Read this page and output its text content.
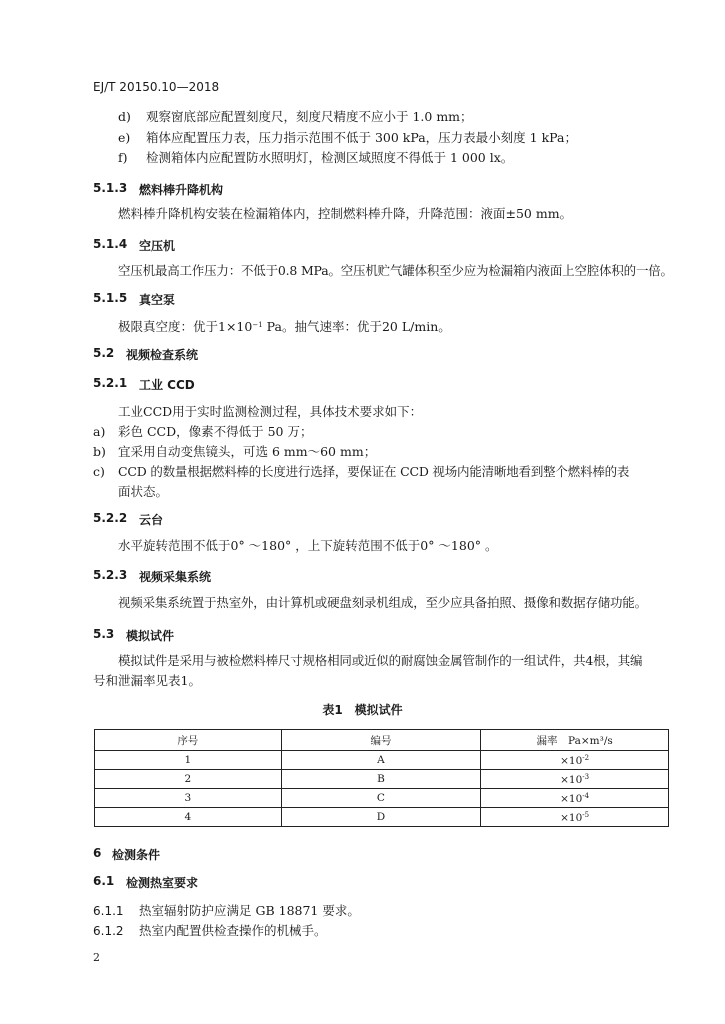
EJ/T 20150.10—2018
d) 观察窗底部应配置刻度尺，刻度尺精度不应小于 1.0 mm；
e) 箱体应配置压力表，压力指示范围不低于 300 kPa，压力表最小刻度 1 kPa；
f) 检测箱体内应配置防水照明灯，检测区域照度不得低于 1 000 lx。
5.1.3 燃料棒升降机构
燃料棒升降机构安装在检漏箱体内，控制燃料棒升降，升降范围：液面±50 mm。
5.1.4 空压机
空压机最高工作压力：不低于0.8 MPa。空压机贮气罐体积至少应为检漏箱内液面上空腔体积的一倍。
5.1.5 真空泵
极限真空度：优于$1\times 10^{-1}$ Pa。抽气速率：优于20 L/min。
5.2 视频检查系统
5.2.1 工业 CCD
工业CCD用于实时监测检测过程，具体技术要求如下：
a) 彩色 CCD，像素不得低于 50 万；
b) 宜采用自动变焦镜头，可选 6 mm～60 mm；
c) CCD 的数量根据燃料棒的长度进行选择，要保证在 CCD 视场内能清晰地看到整个燃料棒的表
面状态。
5.2.2 云台
水平旋转范围不低于0° ～180° ，上下旋转范围不低于0° ～180° 。
5.2.3 视频采集系统
视频采集系统置于热室外，由计算机或硬盘刻录机组成，至少应具备拍照、摄像和数据存储功能。
5.3 模拟试件
模拟试件是采用与被检燃料棒尺寸规格相同或近似的耐腐蚀金属管制作的一组试件，共4根，其编
号和泄漏率见表1。
表1　模拟试件
序号	编号	漏率　Pa×m³/s
1	A	$\times 10^{-2}$
2	B	$\times 10^{-3}$
3	C	$\times 10^{-4}$
4	D	$\times 10^{-5}$
6 检测条件
6.1 检测热室要求
6.1.1 热室辐射防护应满足 GB 18871 要求。
6.1.2 热室内配置供检查操作的机械手。
2
